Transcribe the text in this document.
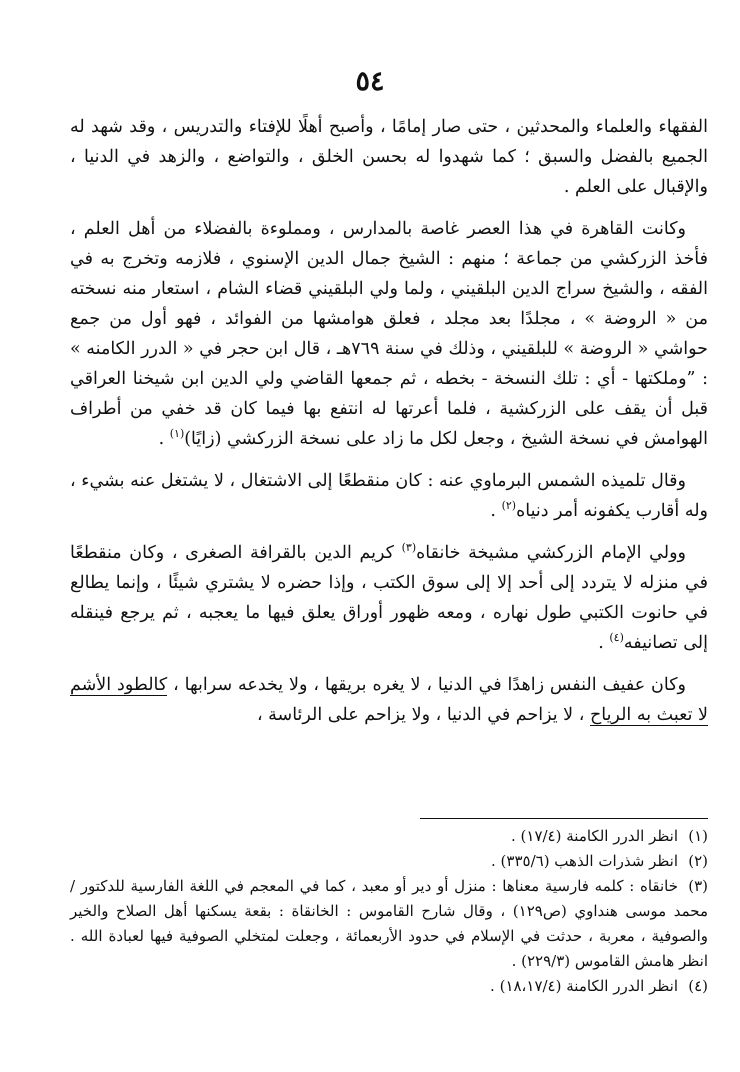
٥٤

الفقهاء والعلماء والمحدثين ، حتى صار إمامًا ، وأصبح أهلًا للإفتاء والتدريس ، وقد شهد له الجميع بالفضل والسبق ؛ كما شهدوا له بحسن الخلق ، والتواضع ، والزهد في الدنيا ، والإقبال على العلم .

وكانت القاهرة في هذا العصر غاصة بالمدارس ، ومملوءة بالفضلاء من أهل العلم ، فأخذ الزركشي من جماعة ؛ منهم : الشيخ جمال الدين الإسنوي ، فلازمه وتخرج به في الفقه ، والشيخ سراج الدين البلقيني ، ولما ولي البلقيني قضاء الشام ، استعار منه نسخته من « الروضة » ، مجلدًا بعد مجلد ، فعلق هوامشها من الفوائد ، فهو أول من جمع حواشي « الروضة » للبلقيني ، وذلك في سنة ٧٦٩هـ ، قال ابن حجر في « الدرر الكامنه » : ”وملكتها - أي : تلك النسخة - بخطه ، ثم جمعها القاضي ولي الدين ابن شيخنا العراقي قبل أن يقف على الزركشية ، فلما أعرتها له انتفع بها فيما كان قد خفي من أطراف الهوامش في نسخة الشيخ ، وجعل لكل ما زاد على نسخة الزركشي (زايًا)$^{(١)}$ .

وقال تلميذه الشمس البرماوي عنه : كان منقطعًا إلى الاشتغال ، لا يشتغل عنه بشيء ، وله أقارب يكفونه أمر دنياه$^{(٢)}$ .

وولي الإمام الزركشي مشيخة خانقاه$^{(٣)}$ كريم الدين بالقرافة الصغرى ، وكان منقطعًا في منزله لا يتردد إلى أحد إلا إلى سوق الكتب ، وإذا حضره لا يشتري شيئًا ، وإنما يطالع في حانوت الكتبي طول نهاره ، ومعه ظهور أوراق يعلق فيها ما يعجبه ، ثم يرجع فينقله إلى تصانيفه$^{(٤)}$ .

وكان عفيف النفس زاهدًا في الدنيا ، لا يغره بريقها ، ولا يخدعه سرابها ، كالطود الأشم لا تعبث به الرياح ، لا يزاحم في الدنيا ، ولا يزاحم على الرئاسة ،

(١)انظر الدرر الكامنة (١٧/٤) .
(٢)انظر شذرات الذهب (٣٣٥/٦) .
(٣)خانقاه : كلمه فارسية معناها : منزل أو دير أو معبد ، كما في المعجم في اللغة الفارسية للدكتور /محمد موسى هنداوي (ص١٢٩) ، وقال شارح القاموس : الخانقاة : بقعة يسكنها أهل الصلاح والخير والصوفية ، معربة ، حدثت في الإسلام في حدود الأربعمائة ، وجعلت لمتخلي الصوفية فيها لعبادة الله . انظر هامش القاموس (٢٢٩/٣) .
(٤)انظر الدرر الكامنة (١٨،١٧/٤) .
